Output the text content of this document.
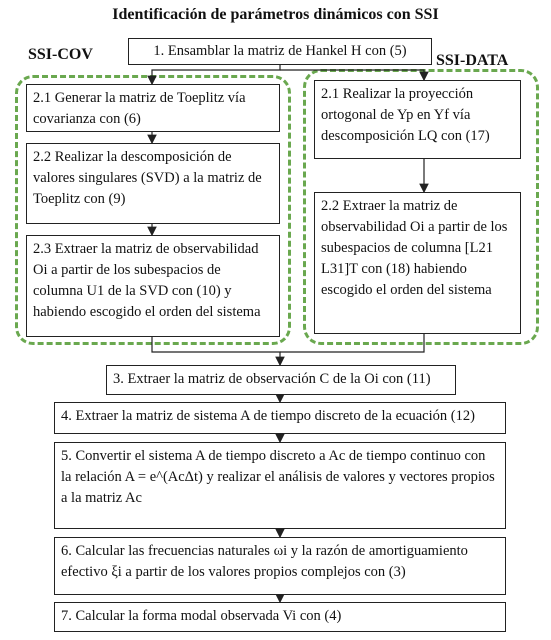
Identificación de parámetros dinámicos con SSI
SSI-COV	SSI-DATA
1. Ensamblar la matriz de Hankel H con (5)
2.1 Generar la matriz de Toeplitz vía covarianza con (6)
2.2 Realizar la descomposición de valores singulares (SVD) a la matriz de Toeplitz con (9)
2.3 Extraer la matriz de observabilidad Oi a partir de los subespacios de columna U1 de la SVD con (10) y habiendo escogido el orden del sistema
2.1 Realizar la proyección ortogonal de Yp en Yf vía descomposición LQ con (17)
2.2 Extraer la matriz de observabilidad Oi a partir de los subespacios de columna [L21 L31]T con (18) habiendo escogido el orden del sistema
3. Extraer la matriz de observación C de la Oi con (11)
4. Extraer la matriz de sistema A de tiempo discreto de la ecuación (12)
5. Convertir el sistema A de tiempo discreto a Ac de tiempo continuo con la relación A = e^(AcΔt) y realizar el análisis de valores y vectores propios a la matriz Ac
6. Calcular las frecuencias naturales ωi y la razón de amortiguamiento efectivo ξi a partir de los valores propios complejos con (3)
7. Calcular la forma modal observada Vi con (4)
